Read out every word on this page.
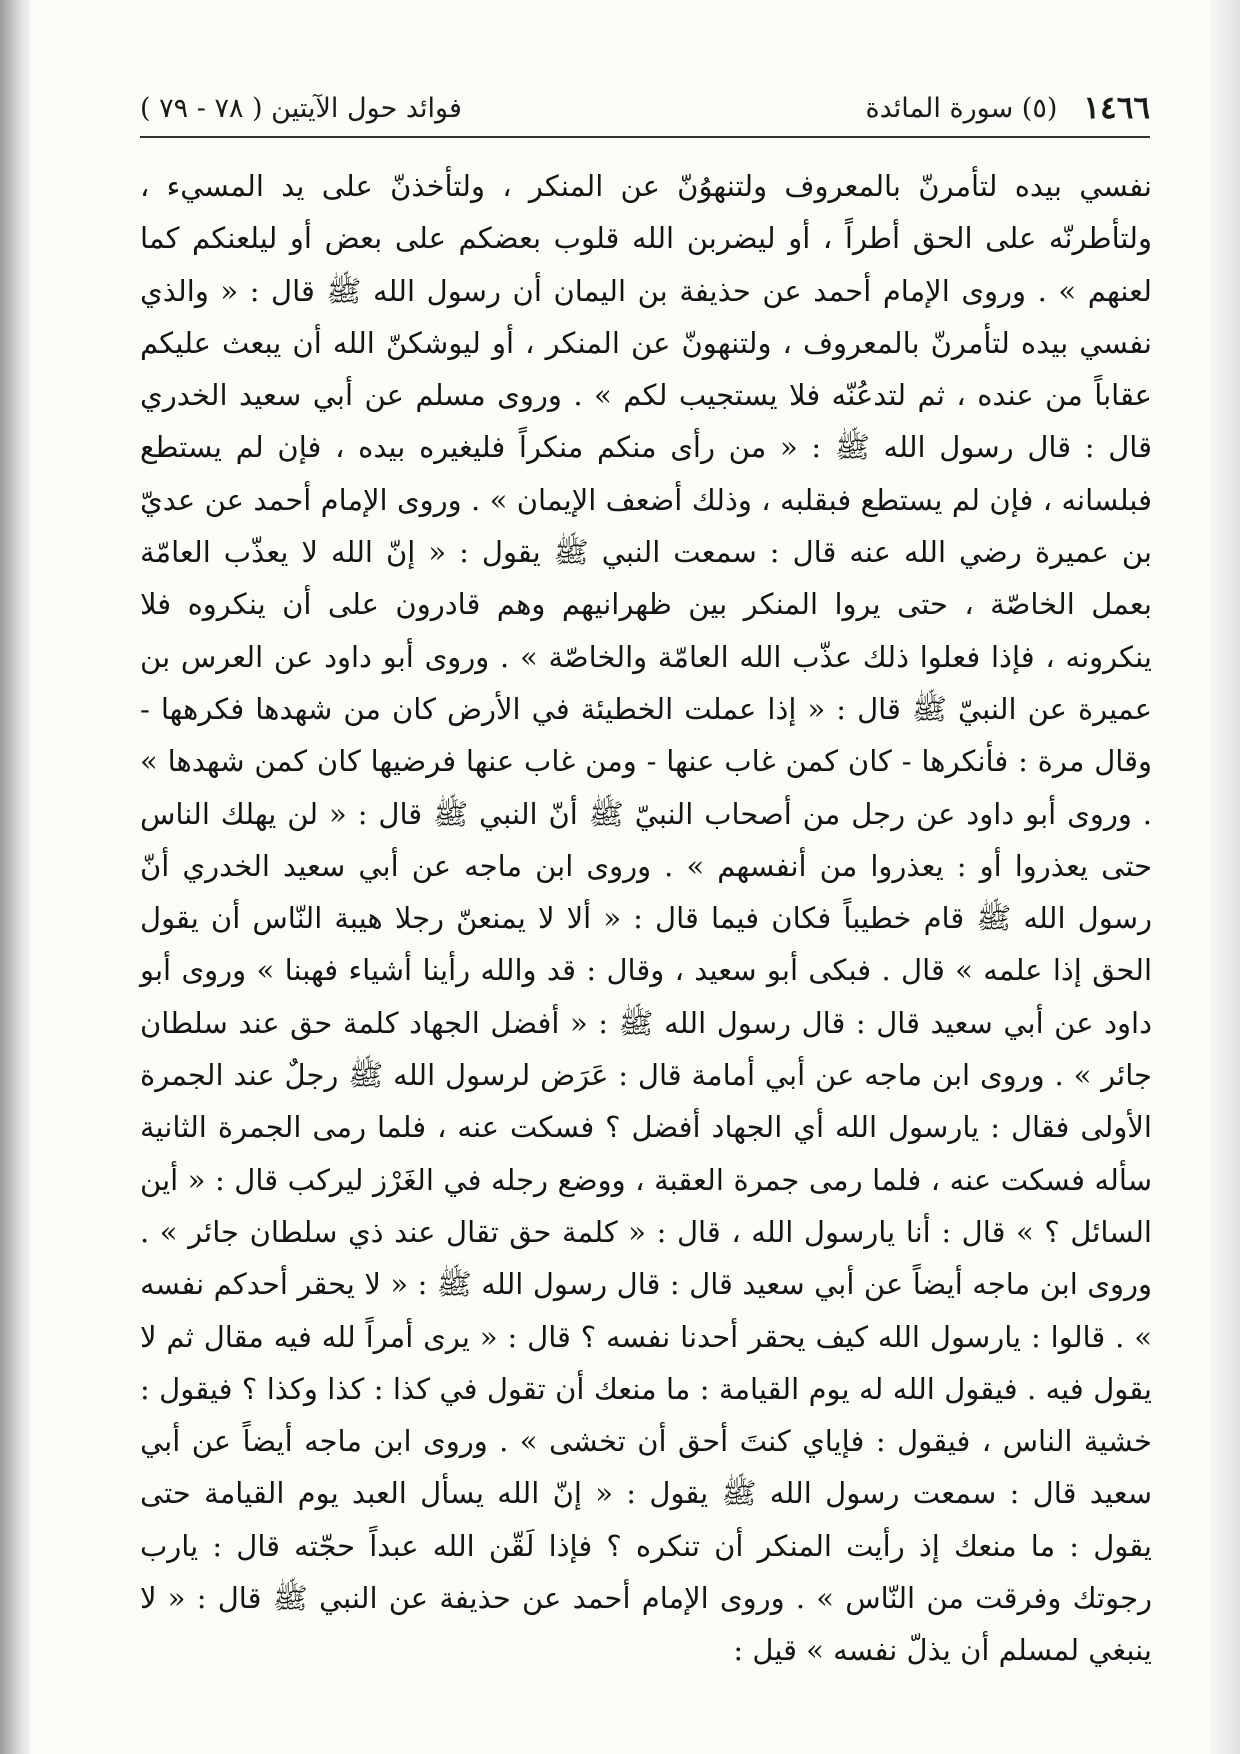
١٤٦٦
(٥) سورة المائدة
فوائد حول الآيتين ( ٧٨ - ٧٩ )

نفسي بيده لتأمرنّ بالمعروف ولتنهوُنّ عن المنكر ، ولتأخذنّ على يد المسيء ، ولتأطرنّه على الحق أطراً ، أو ليضربن الله قلوب بعضكم على بعض أو ليلعنكم كما لعنهم » . وروى الإمام أحمد عن حذيفة بن اليمان أن رسول الله ﷺ قال : « والذي نفسي بيده لتأمرنّ بالمعروف ، ولتنهونّ عن المنكر ، أو ليوشكنّ الله أن يبعث عليكم عقاباً من عنده ، ثم لتدعُنّه فلا يستجيب لكم » . وروى مسلم عن أبي سعيد الخدري قال : قال رسول الله ﷺ : « من رأى منكم منكراً فليغيره بيده ، فإن لم يستطع فبلسانه ، فإن لم يستطع فبقلبه ، وذلك أضعف الإيمان » . وروى الإمام أحمد عن عديّ بن عميرة رضي الله عنه قال : سمعت النبي ﷺ يقول : « إنّ الله لا يعذّب العامّة بعمل الخاصّة ، حتى يروا المنكر بين ظهرانيهم وهم قادرون على أن ينكروه فلا ينكرونه ، فإذا فعلوا ذلك عذّب الله العامّة والخاصّة » . وروى أبو داود عن العرس بن عميرة عن النبيّ ﷺ قال : « إذا عملت الخطيئة في الأرض كان من شهدها فكرهها - وقال مرة : فأنكرها - كان كمن غاب عنها - ومن غاب عنها فرضيها كان كمن شهدها » . وروى أبو داود عن رجل من أصحاب النبيّ ﷺ أنّ النبي ﷺ قال : « لن يهلك الناس حتى يعذروا أو : يعذروا من أنفسهم » . وروى ابن ماجه عن أبي سعيد الخدري أنّ رسول الله ﷺ قام خطيباً فكان فيما قال : « ألا لا يمنعنّ رجلا هيبة النّاس أن يقول الحق إذا علمه » قال . فبكى أبو سعيد ، وقال : قد والله رأينا أشياء فهبنا » وروى أبو داود عن أبي سعيد قال : قال رسول الله ﷺ : « أفضل الجهاد كلمة حق عند سلطان جائر » . وروى ابن ماجه عن أبي أمامة قال : عَرَض لرسول الله ﷺ رجلٌ عند الجمرة الأولى فقال : يارسول الله أي الجهاد أفضل ؟ فسكت عنه ، فلما رمى الجمرة الثانية سأله فسكت عنه ، فلما رمى جمرة العقبة ، ووضع رجله في الغَرْز ليركب قال : « أين السائل ؟ » قال : أنا يارسول الله ، قال : « كلمة حق تقال عند ذي سلطان جائر » . وروى ابن ماجه أيضاً عن أبي سعيد قال : قال رسول الله ﷺ : « لا يحقر أحدكم نفسه » . قالوا : يارسول الله كيف يحقر أحدنا نفسه ؟ قال : « يرى أمراً لله فيه مقال ثم لا يقول فيه . فيقول الله له يوم القيامة : ما منعك أن تقول في كذا : كذا وكذا ؟ فيقول : خشية الناس ، فيقول : فإياي كنتَ أحق أن تخشى » . وروى ابن ماجه أيضاً عن أبي سعيد قال : سمعت رسول الله ﷺ يقول : « إنّ الله يسأل العبد يوم القيامة حتى يقول : ما منعك إذ رأيت المنكر أن تنكره ؟ فإذا لَقّن الله عبداً حجّته قال : يارب رجوتك وفرقت من النّاس » . وروى الإمام أحمد عن حذيفة عن النبي ﷺ قال : « لا ينبغي لمسلم أن يذلّ نفسه » قيل :
